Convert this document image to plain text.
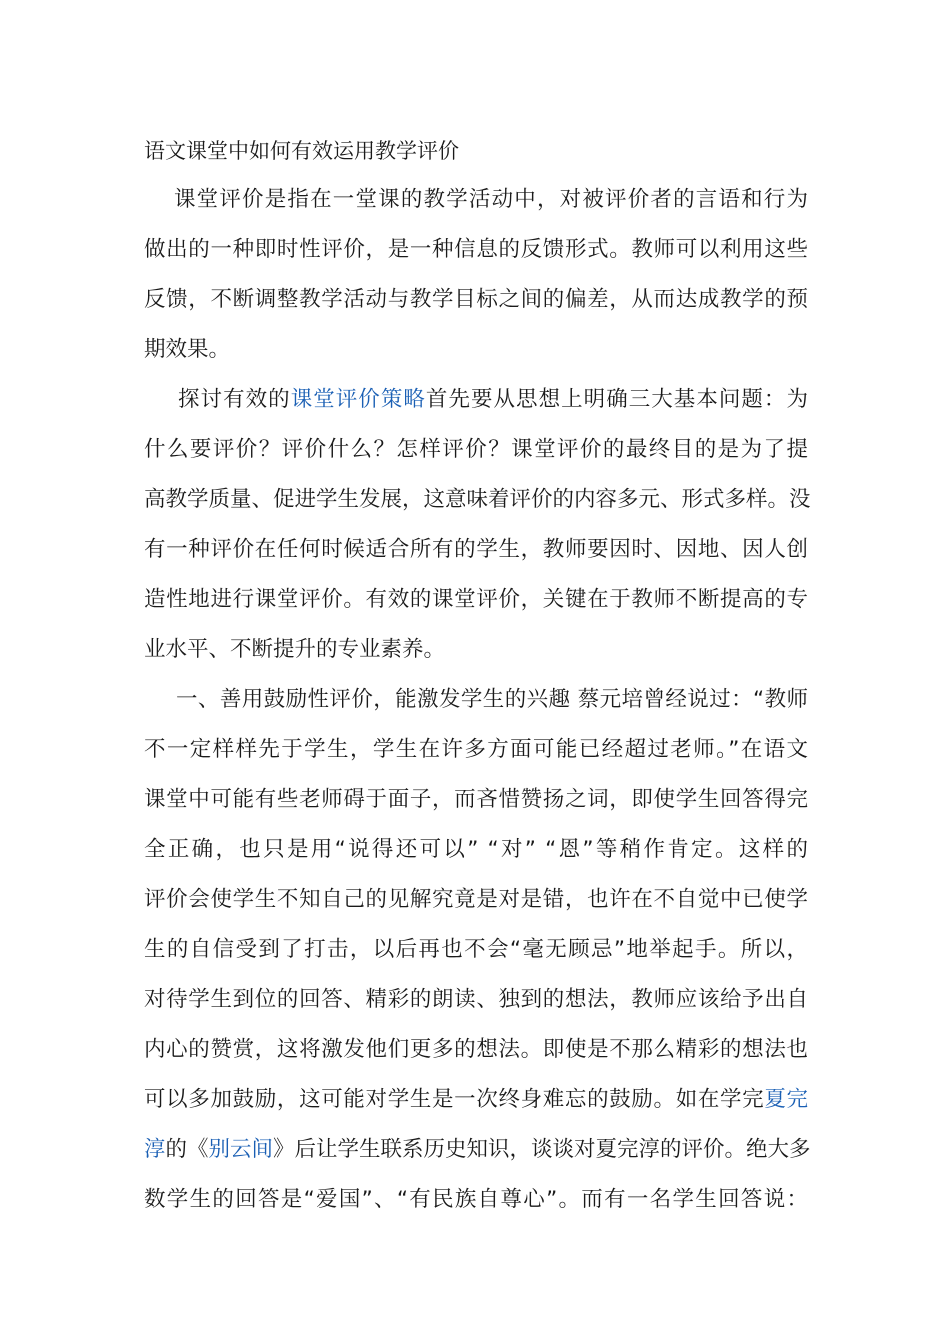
语文课堂中如何有效运用教学评价
课堂评价是指在一堂课的教学活动中，对被评价者的言语和行为
做出的一种即时性评价，是一种信息的反馈形式。教师可以利用这些
反馈，不断调整教学活动与教学目标之间的偏差，从而达成教学的预
期效果。
探讨有效的课堂评价策略首先要从思想上明确三大基本问题：为
什么要评价？评价什么？怎样评价？课堂评价的最终目的是为了提
高教学质量、促进学生发展，这意味着评价的内容多元、形式多样。没
有一种评价在任何时候适合所有的学生，教师要因时、因地、因人创
造性地进行课堂评价。有效的课堂评价，关键在于教师不断提高的专
业水平、不断提升的专业素养。
一、善用鼓励性评价，能激发学生的兴趣 蔡元培曾经说过：“教师
不一定样样先于学生，学生在许多方面可能已经超过老师。”在语文
课堂中可能有些老师碍于面子，而吝惜赞扬之词，即使学生回答得完
全正确，也只是用“说得还可以” “对” “恩”等稍作肯定。这样的
评价会使学生不知自己的见解究竟是对是错，也许在不自觉中已使学
生的自信受到了打击，以后再也不会“毫无顾忌”地举起手。所以，
对待学生到位的回答、精彩的朗读、独到的想法，教师应该给予出自
内心的赞赏，这将激发他们更多的想法。即使是不那么精彩的想法也
可以多加鼓励，这可能对学生是一次终身难忘的鼓励。如在学完夏完
淳的《别云间》后让学生联系历史知识，谈谈对夏完淳的评价。绝大多
数学生的回答是“爱国”、“有民族自尊心”。而有一名学生回答说：
